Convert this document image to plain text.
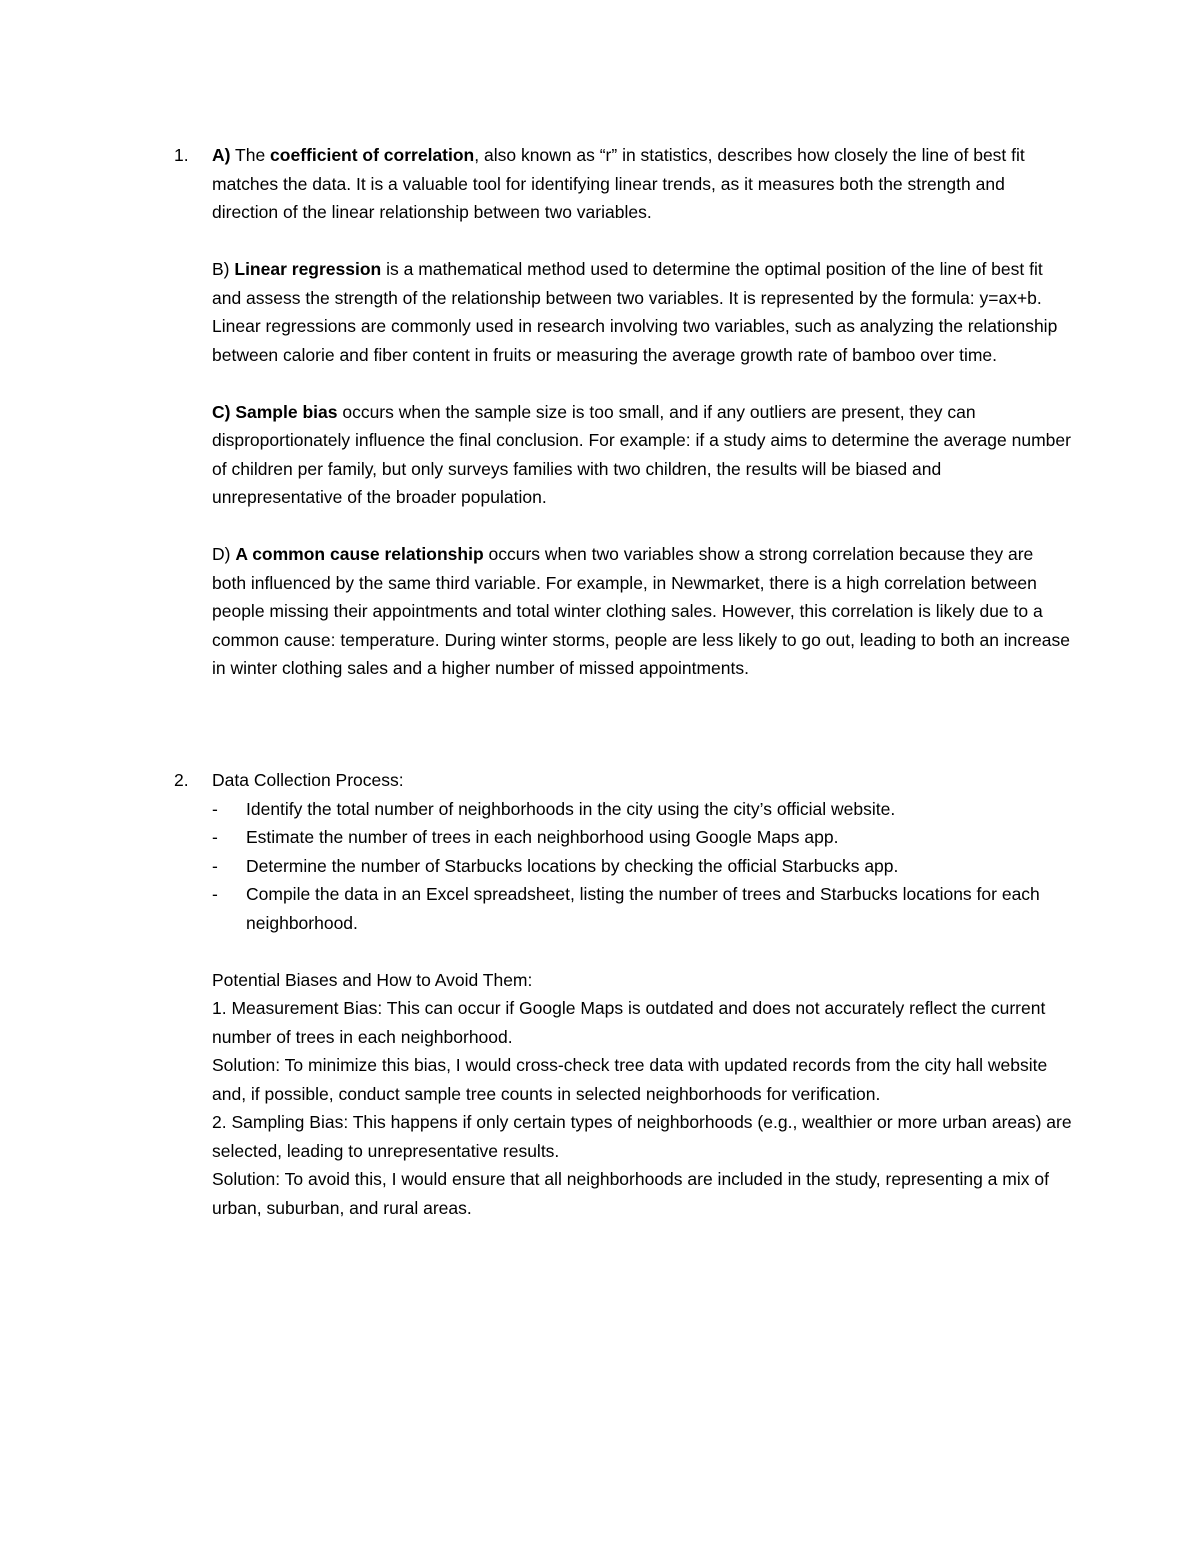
1. A) The coefficient of correlation, also known as “r” in statistics, describes how closely the line of best fit matches the data. It is a valuable tool for identifying linear trends, as it measures both the strength and direction of the linear relationship between two variables.

B) Linear regression is a mathematical method used to determine the optimal position of the line of best fit and assess the strength of the relationship between two variables. It is represented by the formula: y=ax+b. Linear regressions are commonly used in research involving two variables, such as analyzing the relationship between calorie and fiber content in fruits or measuring the average growth rate of bamboo over time.

C) Sample bias occurs when the sample size is too small, and if any outliers are present, they can disproportionately influence the final conclusion. For example: if a study aims to determine the average number of children per family, but only surveys families with two children, the results will be biased and unrepresentative of the broader population.

D) A common cause relationship occurs when two variables show a strong correlation because they are both influenced by the same third variable. For example, in Newmarket, there is a high correlation between people missing their appointments and total winter clothing sales. However, this correlation is likely due to a common cause: temperature. During winter storms, people are less likely to go out, leading to both an increase in winter clothing sales and a higher number of missed appointments.

2. Data Collection Process:

- Identify the total number of neighborhoods in the city using the city’s official website.
- Estimate the number of trees in each neighborhood using Google Maps app.
- Determine the number of Starbucks locations by checking the official Starbucks app.
- Compile the data in an Excel spreadsheet, listing the number of trees and Starbucks locations for each neighborhood.

Potential Biases and How to Avoid Them:

1. Measurement Bias: This can occur if Google Maps is outdated and does not accurately reflect the current number of trees in each neighborhood.

Solution: To minimize this bias, I would cross-check tree data with updated records from the city hall website and, if possible, conduct sample tree counts in selected neighborhoods for verification.

2. Sampling Bias: This happens if only certain types of neighborhoods (e.g., wealthier or more urban areas) are selected, leading to unrepresentative results.

Solution: To avoid this, I would ensure that all neighborhoods are included in the study, representing a mix of urban, suburban, and rural areas.
